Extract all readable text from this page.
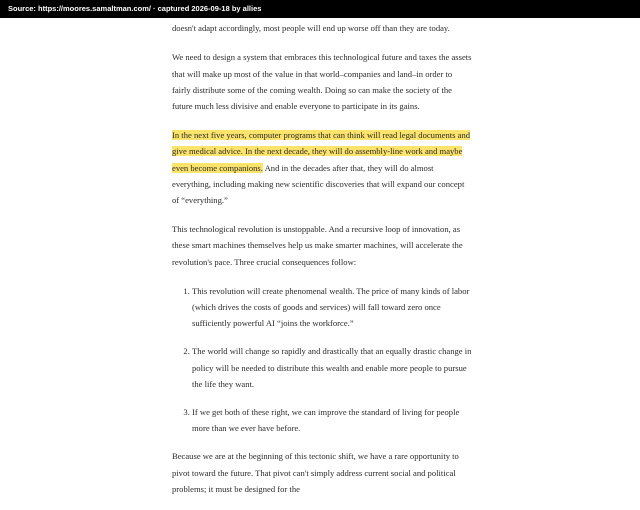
Source: https://moores.samaltman.com/ · captured 2026-09-18 by allies

doesn't adapt accordingly, most people will end up worse off than they are today.

We need to design a system that embraces this technological future and taxes the assets that will make up most of the value in that world–companies and land–in order to fairly distribute some of the coming wealth. Doing so can make the society of the future much less divisive and enable everyone to participate in its gains.

In the next five years, computer programs that can think will read legal documents and give medical advice. In the next decade, they will do assembly-line work and maybe even become companions. And in the decades after that, they will do almost everything, including making new scientific discoveries that will expand our concept of “everything.”

This technological revolution is unstoppable. And a recursive loop of innovation, as these smart machines themselves help us make smarter machines, will accelerate the revolution's pace. Three crucial consequences follow:

1. This revolution will create phenomenal wealth. The price of many kinds of labor (which drives the costs of goods and services) will fall toward zero once sufficiently powerful AI “joins the workforce.”
2. The world will change so rapidly and drastically that an equally drastic change in policy will be needed to distribute this wealth and enable more people to pursue the life they want.
3. If we get both of these right, we can improve the standard of living for people more than we ever have before.

Because we are at the beginning of this tectonic shift, we have a rare opportunity to pivot toward the future. That pivot can't simply address current social and political problems; it must be designed for the
